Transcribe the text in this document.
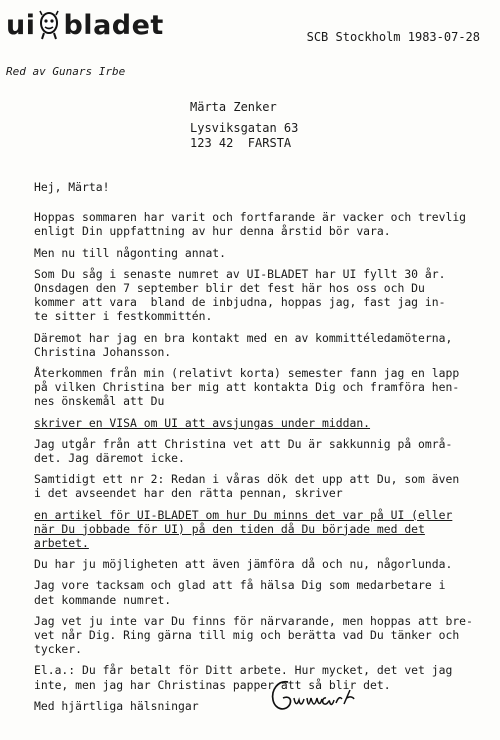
ui bladet	SCB Stockholm 1983-07-28
Red av Gunars Irbe
Märta Zenker
Lysviksgatan 63
123 42  FARSTA

Hej, Märta!

Hoppas sommaren har varit och fortfarande är vacker och trevlig
enligt Din uppfattning av hur denna årstid bör vara.

Men nu till någonting annat.

Som Du såg i senaste numret av UI-BLADET har UI fyllt 30 år.
Onsdagen den 7 september blir det fest här hos oss och Du
kommer att vara  bland de inbjudna, hoppas jag, fast jag in-
te sitter i festkommittén.

Däremot har jag en bra kontakt med en av kommittéledamöterna,
Christina Johansson.

Återkommen från min (relativt korta) semester fann jag en lapp
på vilken Christina ber mig att kontakta Dig och framföra hen-
nes önskemål att Du

skriver en VISA om UI att avsjungas under middan.

Jag utgår från att Christina vet att Du är sakkunnig på områ-
det. Jag däremot icke.

Samtidigt ett nr 2: Redan i våras dök det upp att Du, som även
i det avseendet har den rätta pennan, skriver

en artikel för UI-BLADET om hur Du minns det var på UI (eller
när Du jobbade för UI) på den tiden då Du började med det
arbetet.

Du har ju möjligheten att även jämföra då och nu, någorlunda.

Jag vore tacksam och glad att få hälsa Dig som medarbetare i
det kommande numret.

Jag vet ju inte var Du finns för närvarande, men hoppas att bre-
vet når Dig. Ring gärna till mig och berätta vad Du tänker och
tycker.

El.a.: Du får betalt för Ditt arbete. Hur mycket, det vet jag
inte, men jag har Christinas papper att så blir det.

Med hjärtliga hälsningar
